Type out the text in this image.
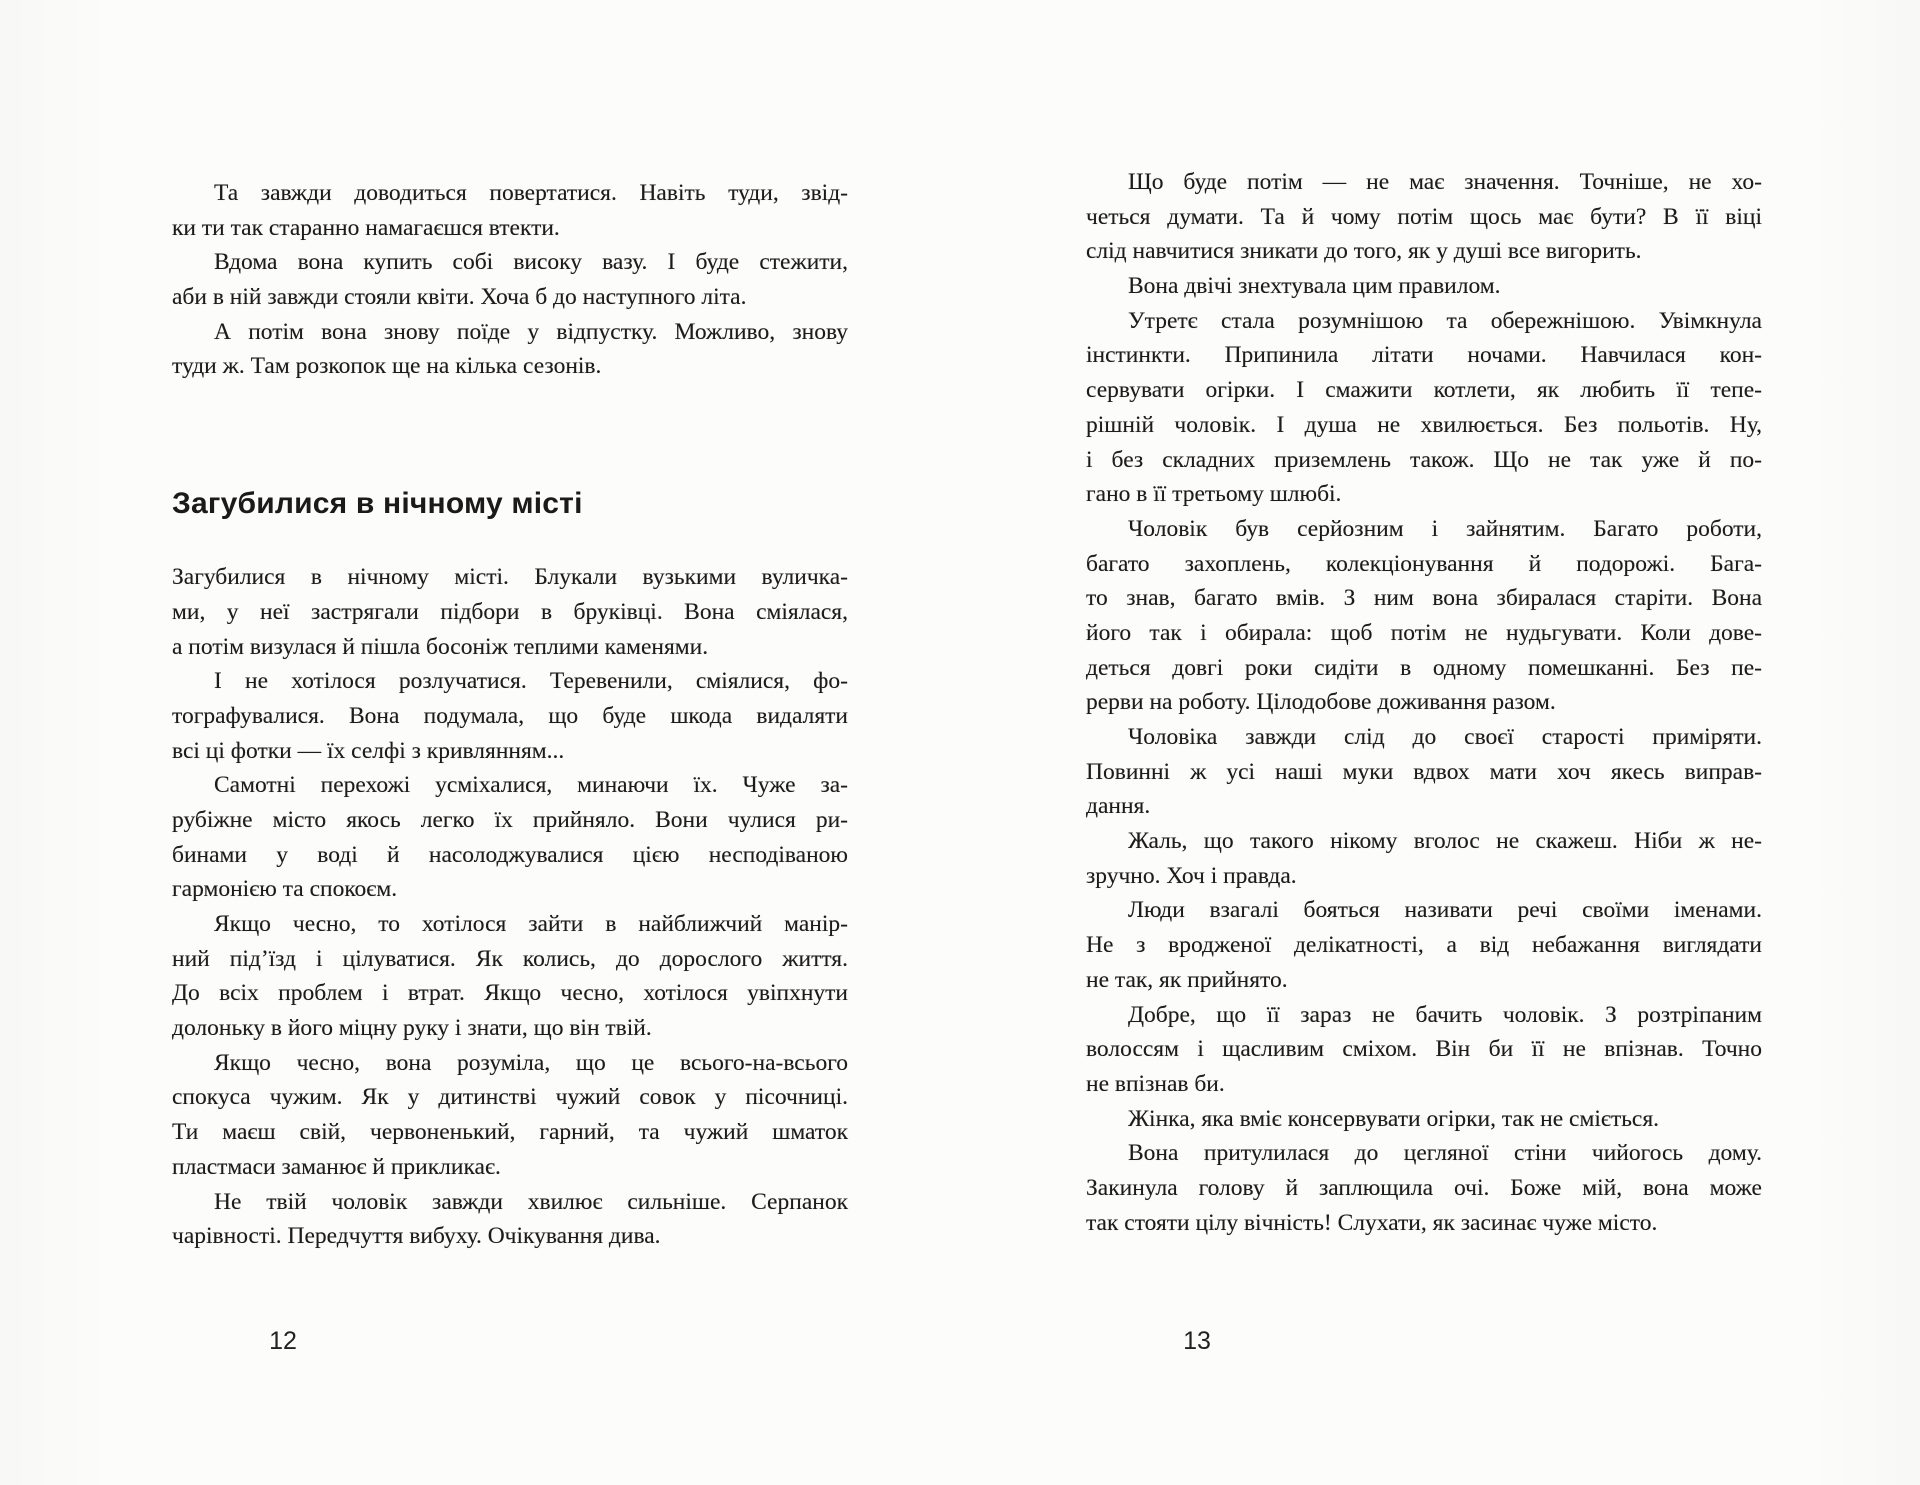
Та завжди доводиться повертатися. Навіть туди, звід-
ки ти так старанно намагаєшся втекти.
Вдома вона купить собі високу вазу. І буде стежити,
аби в ній завжди стояли квіти. Хоча б до наступного літа.
А потім вона знову поїде у відпустку. Можливо, знову
туди ж. Там розкопок ще на кілька сезонів.
Загубилися в нічному місті
Загубилися в нічному місті. Блукали вузькими вуличка-
ми, у неї застрягали підбори в бруківці. Вона сміялася,
а потім визулася й пішла босоніж теплими каменями.
І не хотілося розлучатися. Теревенили, сміялися, фо-
тографувалися. Вона подумала, що буде шкода видаляти
всі ці фотки — їх селфі з кривлянням...
Самотні перехожі усміхалися, минаючи їх. Чуже за-
рубіжне місто якось легко їх прийняло. Вони чулися ри-
бинами у воді й насолоджувалися цією несподіваною
гармонією та спокоєм.
Якщо чесно, то хотілося зайти в найближчий манір-
ний під’їзд і цілуватися. Як колись, до дорослого життя.
До всіх проблем і втрат. Якщо чесно, хотілося увіпхнути
долоньку в його міцну руку і знати, що він твій.
Якщо чесно, вона розуміла, що це всього-на-всього
спокуса чужим. Як у дитинстві чужий совок у пісочниці.
Ти маєш свій, червоненький, гарний, та чужий шматок
пластмаси заманює й прикликає.
Не твій чоловік завжди хвилює сильніше. Серпанок
чарівності. Передчуття вибуху. Очікування дива.
Що буде потім — не має значення. Точніше, не хо-
четься думати. Та й чому потім щось має бути? В її віці
слід навчитися зникати до того, як у душі все вигорить.
Вона двічі знехтувала цим правилом.
Утретє стала розумнішою та обережнішою. Увімкнула
інстинкти. Припинила літати ночами. Навчилася кон-
сервувати огірки. І смажити котлети, як любить її тепе-
рішній чоловік. І душа не хвилюється. Без польотів. Ну,
і без складних приземлень також. Що не так уже й по-
гано в її третьому шлюбі.
Чоловік був серйозним і зайнятим. Багато роботи,
багато захоплень, колекціонування й подорожі. Бага-
то знав, багато вмів. З ним вона збиралася старіти. Вона
його так і обирала: щоб потім не нудьгувати. Коли дове-
деться довгі роки сидіти в одному помешканні. Без пе-
рерви на роботу. Цілодобове доживання разом.
Чоловіка завжди слід до своєї старості приміряти.
Повинні ж усі наші муки вдвох мати хоч якесь виправ-
дання.
Жаль, що такого нікому вголос не скажеш. Ніби ж не-
зручно. Хоч і правда.
Люди взагалі бояться називати речі своїми іменами.
Не з вродженої делікатності, а від небажання виглядати
не так, як прийнято.
Добре, що її зараз не бачить чоловік. З розтріпаним
волоссям і щасливим сміхом. Він би її не впізнав. Точно
не впізнав би.
Жінка, яка вміє консервувати огірки, так не сміється.
Вона притулилася до цегляної стіни чийогось дому.
Закинула голову й заплющила очі. Боже мій, вона може
так стояти цілу вічність! Слухати, як засинає чуже місто.
12	13
